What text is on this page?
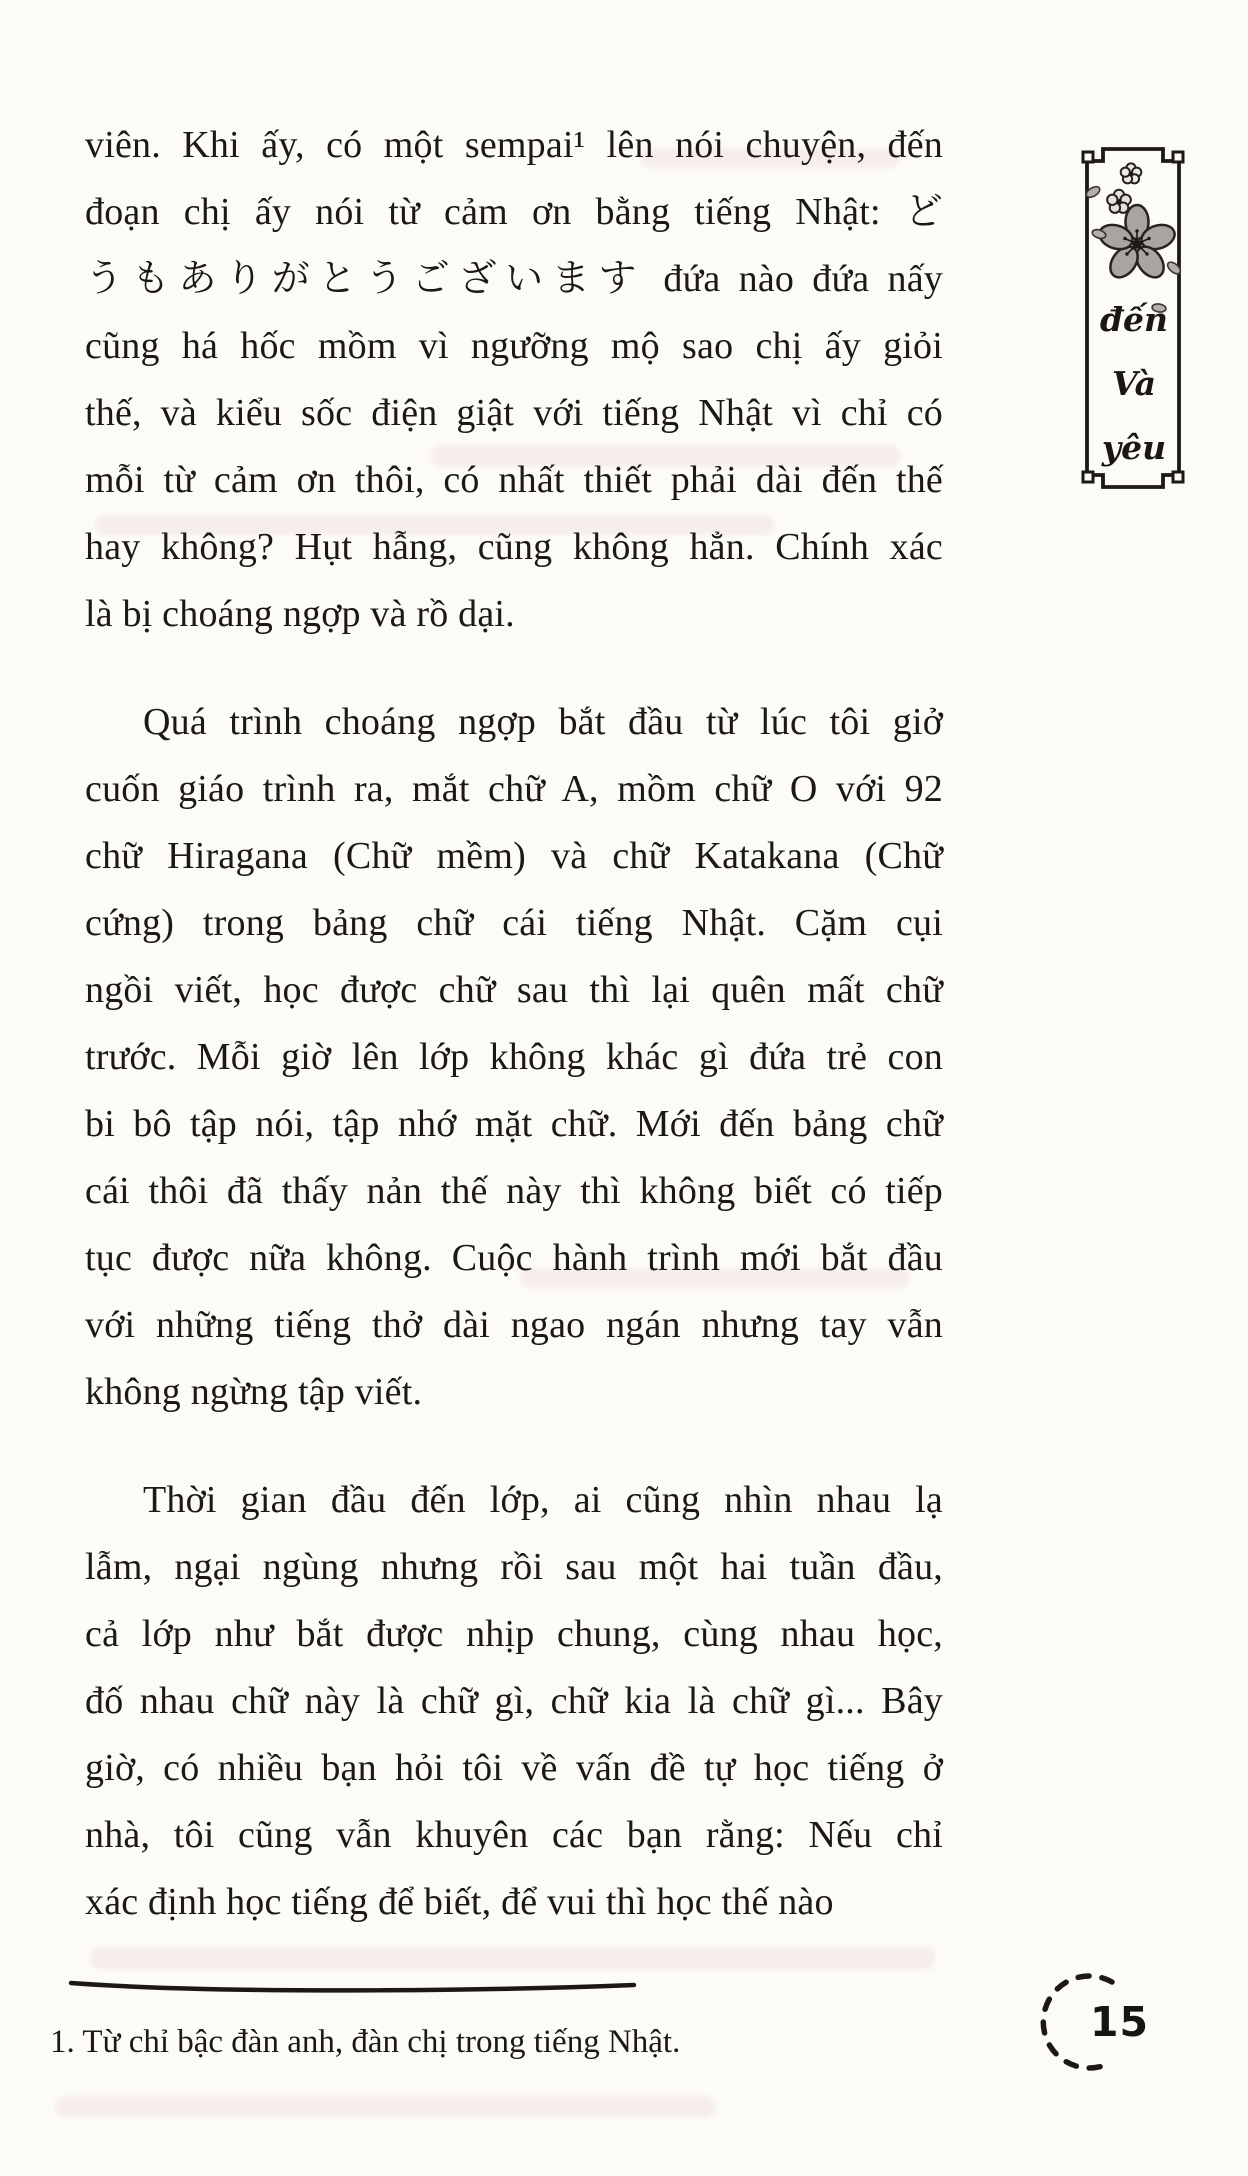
viên. Khi ấy, có một sempai¹ lên nói chuyện, đến
đoạn chị ấy nói từ cảm ơn bằng tiếng Nhật: ど
うもありがとうございます đứa nào đứa nấy
cũng há hốc mồm vì ngưỡng mộ sao chị ấy giỏi
thế, và kiểu sốc điện giật với tiếng Nhật vì chỉ có
mỗi từ cảm ơn thôi, có nhất thiết phải dài đến thế
hay không? Hụt hẫng, cũng không hẳn. Chính xác
là bị choáng ngợp và rồ dại.
Quá trình choáng ngợp bắt đầu từ lúc tôi giở
cuốn giáo trình ra, mắt chữ A, mồm chữ O với 92
chữ Hiragana (Chữ mềm) và chữ Katakana (Chữ
cứng) trong bảng chữ cái tiếng Nhật. Cặm cụi
ngồi viết, học được chữ sau thì lại quên mất chữ
trước. Mỗi giờ lên lớp không khác gì đứa trẻ con
bi bô tập nói, tập nhớ mặt chữ. Mới đến bảng chữ
cái thôi đã thấy nản thế này thì không biết có tiếp
tục được nữa không. Cuộc hành trình mới bắt đầu
với những tiếng thở dài ngao ngán nhưng tay vẫn
không ngừng tập viết.
Thời gian đầu đến lớp, ai cũng nhìn nhau lạ
lẫm, ngại ngùng nhưng rồi sau một hai tuần đầu,
cả lớp như bắt được nhịp chung, cùng nhau học,
đố nhau chữ này là chữ gì, chữ kia là chữ gì... Bây
giờ, có nhiều bạn hỏi tôi về vấn đề tự học tiếng ở
nhà, tôi cũng vẫn khuyên các bạn rằng: Nếu chỉ
xác định học tiếng để biết, để vui thì học thế nào
đến
Và
yêu
1. Từ chỉ bậc đàn anh, đàn chị trong tiếng Nhật.	15
